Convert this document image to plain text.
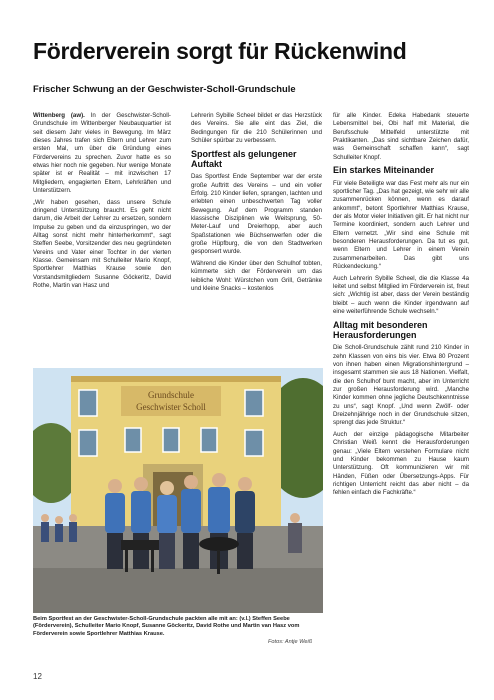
Förderverein sorgt für Rückenwind
Frischer Schwung an der Geschwister-Scholl-Grundschule

Wittenberg (aw). In der Geschwister-Scholl-Grundschule im Wittenberger Neubauquartier ist seit diesem Jahr vieles in Bewegung. Im März dieses Jahres trafen sich Eltern und Lehrer zum ersten Mal, um über die Gründung eines Fördervereins zu sprechen. Zuvor hatte es so etwas hier noch nie gegeben. Nur wenige Monate später ist er Realität – mit inzwischen 17 Mitgliedern, engagierten Eltern, Lehrkräften und Unterstützern.

„Wir haben gesehen, dass unsere Schule dringend Unterstützung braucht. Es geht nicht darum, die Arbeit der Lehrer zu ersetzen, sondern Impulse zu geben und da einzuspringen, wo der Alltag sonst nicht mehr hinterherkommt“, sagt Steffen Seebe, Vorsitzender des neu gegründeten Vereins und Vater einer Tochter in der vierten Klasse. Gemeinsam mit Schulleiter Mario Knopf, Sportlehrer Matthias Krause sowie den Vorstandsmitgliedern Susanne Göckeritz, David Rothe, Martin van Hasz und

Lehrerin Sybille Scheel bildet er das Herzstück des Vereins. Sie alle eint das Ziel, die Bedingungen für die 210 Schülerinnen und Schüler spürbar zu verbessern.

Sportfest als gelungener Auftakt

Das Sportfest Ende September war der erste große Auftritt des Vereins – und ein voller Erfolg. 210 Kinder liefen, sprangen, lachten und erlebten einen unbeschwerten Tag voller Bewegung. Auf dem Programm standen klassische Disziplinen wie Weitsprung, 50-Meter-Lauf und Dreierhopp, aber auch Spaßstationen wie Büchsenwerfen oder die große Hüpfburg, die von den Stadtwerken gesponsert wurde.

Während die Kinder über den Schulhof tobten, kümmerte sich der Förderverein um das leibliche Wohl: Würstchen vom Grill, Getränke und kleine Snacks – kostenlos

für alle Kinder. Edeka Habedank steuerte Lebensmittel bei, Obi half mit Material, die Berufsschule Mittelfeld unterstützte mit Praktikanten. „Das sind sichtbare Zeichen dafür, was Gemeinschaft schaffen kann“, sagt Schulleiter Knopf.

Ein starkes Miteinander

Für viele Beteiligte war das Fest mehr als nur ein sportlicher Tag. „Das hat gezeigt, wie sehr wir alle zusammenrücken können, wenn es darauf ankommt“, betont Sportlehrer Matthias Krause, der als Motor vieler Initiativen gilt. Er hat nicht nur Termine koordiniert, sondern auch Lehrer und Eltern vernetzt. „Wir sind eine Schule mit besonderen Herausforderungen. Da tut es gut, wenn Eltern und Lehrer in einem Verein zusammenarbeiten. Das gibt uns Rückendeckung.“

Auch Lehrerin Sybille Scheel, die die Klasse 4a leitet und selbst Mitglied im Förderverein ist, freut sich: „Wichtig ist aber, dass der Verein beständig bleibt – auch wenn die Kinder irgendwann auf eine weiterführende Schule wechseln.“

Alltag mit besonderen Herausforderungen

Die Scholl-Grundschule zählt rund 210 Kinder in zehn Klassen von eins bis vier. Etwa 80 Prozent von ihnen haben einen Migrationshintergrund – insgesamt stammen sie aus 18 Nationen. Vielfalt, die den Schulhof bunt macht, aber im Unterricht zur großen Herausforderung wird. „Manche Kinder kommen ohne jegliche Deutschkenntnisse zu uns“, sagt Knopf. „Und wenn Zwölf- oder Dreizehnjährige noch in der Grundschule sitzen, sprengt das jede Struktur.“

Auch der einzige pädagogische Mitarbeiter Christian Weiß kennt die Herausforderungen genau: „Viele Eltern verstehen Formulare nicht und Kinder bekommen zu Hause kaum Unterstützung. Oft kommunizieren wir mit Händen, Füßen oder Übersetzungs-Apps. Für richtigen Unterricht reicht das aber nicht – da fehlen einfach die Fachkräfte.“

Grundschule
Geschwister Scholl

Beim Sportfest an der Geschwister-Scholl-Grundschule packten alle mit an: (v.l.) Steffen Seebe (Förderverein), Schulleiter Mario Knopf, Susanne Göckeritz, David Rothe und Martin van Hasz vom Förderverein sowie Sportlehrer Matthias Krause.

Fotos: Antje Weiß

12
